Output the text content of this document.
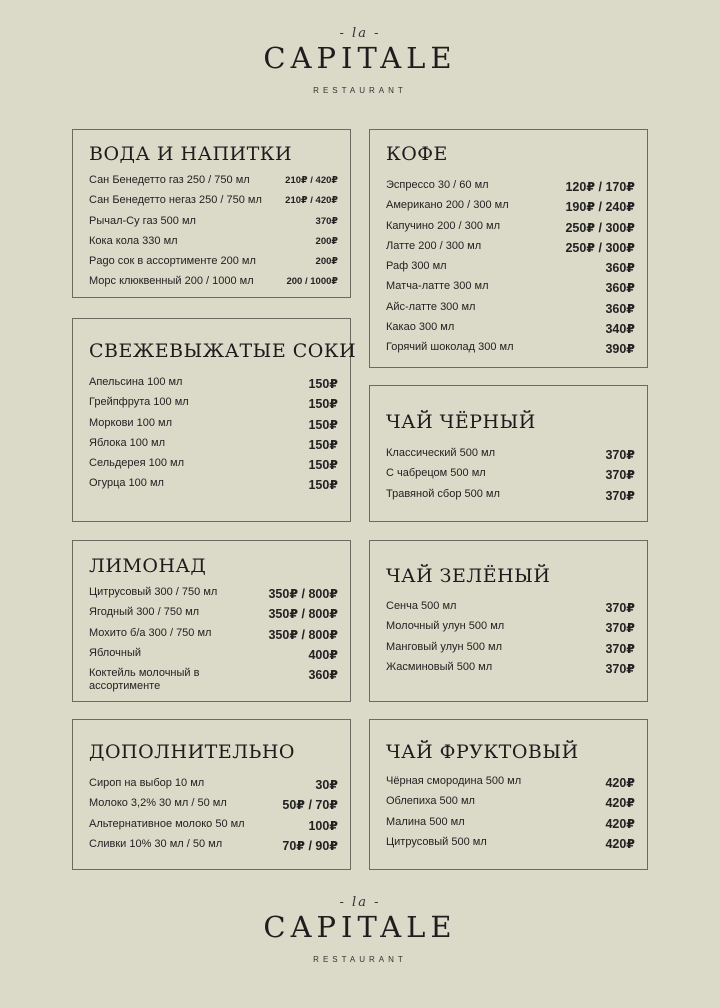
- la -
CAPITALE
RESTAURANT
ВОДА И НАПИТКИ
Сан Бенедетто газ 250 / 750 мл	210₽ / 420₽
Сан Бенедетто негаз 250 / 750 мл 210₽ / 420₽
Рычал-Су газ 500 мл	370₽
Кока кола 330 мл	200₽
Pago сок в ассортименте 200 мл	200₽
Морс клюквенный 200 / 1000 мл	200 / 1000₽
СВЕЖЕВЫЖАТЫЕ СОКИ
Апельсина 100 мл	150₽
Грейпфрута 100 мл	150₽
Моркови 100 мл	150₽
Яблока 100 мл	150₽
Сельдерея 100 мл	150₽
Огурца 100 мл	150₽
ЛИМОНАД
Цитрусовый 300 / 750 мл	350₽ / 800₽
Ягодный 300 / 750 мл	350₽ / 800₽
Мохито б/а 300 / 750 мл	350₽ / 800₽
Яблочный	400₽
Коктейль молочный в ассортименте
360₽
ДОПОЛНИТЕЛЬНО
Сироп на выбор 10 мл	30₽
Молоко 3,2% 30 мл / 50 мл	50₽ / 70₽
Альтернативное молоко 50 мл	100₽
Сливки 10% 30 мл / 50 мл	70₽ / 90₽
КОФЕ
Эспрессо 30 / 60 мл	120₽ / 170₽
Американо 200 / 300 мл	190₽ / 240₽
Капучино 200 / 300 мл	250₽ / 300₽
Латте 200 / 300 мл	250₽ / 300₽
Раф 300 мл	360₽
Матча-латте 300 мл	360₽
Айс-латте 300 мл	360₽
Какао 300 мл	340₽
Горячий шоколад 300 мл	390₽
ЧАЙ ЧЁРНЫЙ
Классический 500 мл	370₽
С чабрецом 500 мл	370₽
Травяной сбор 500 мл	370₽
ЧАЙ ЗЕЛЁНЫЙ
Сенча 500 мл	370₽
Молочный улун 500 мл	370₽
Манговый улун 500 мл	370₽
Жасминовый 500 мл	370₽
ЧАЙ ФРУКТОВЫЙ
Чёрная смородина 500 мл	420₽
Облепиха 500 мл	420₽
Малина 500 мл	420₽
Цитрусовый 500 мл	420₽
- la -
CAPITALE
RESTAURANT
